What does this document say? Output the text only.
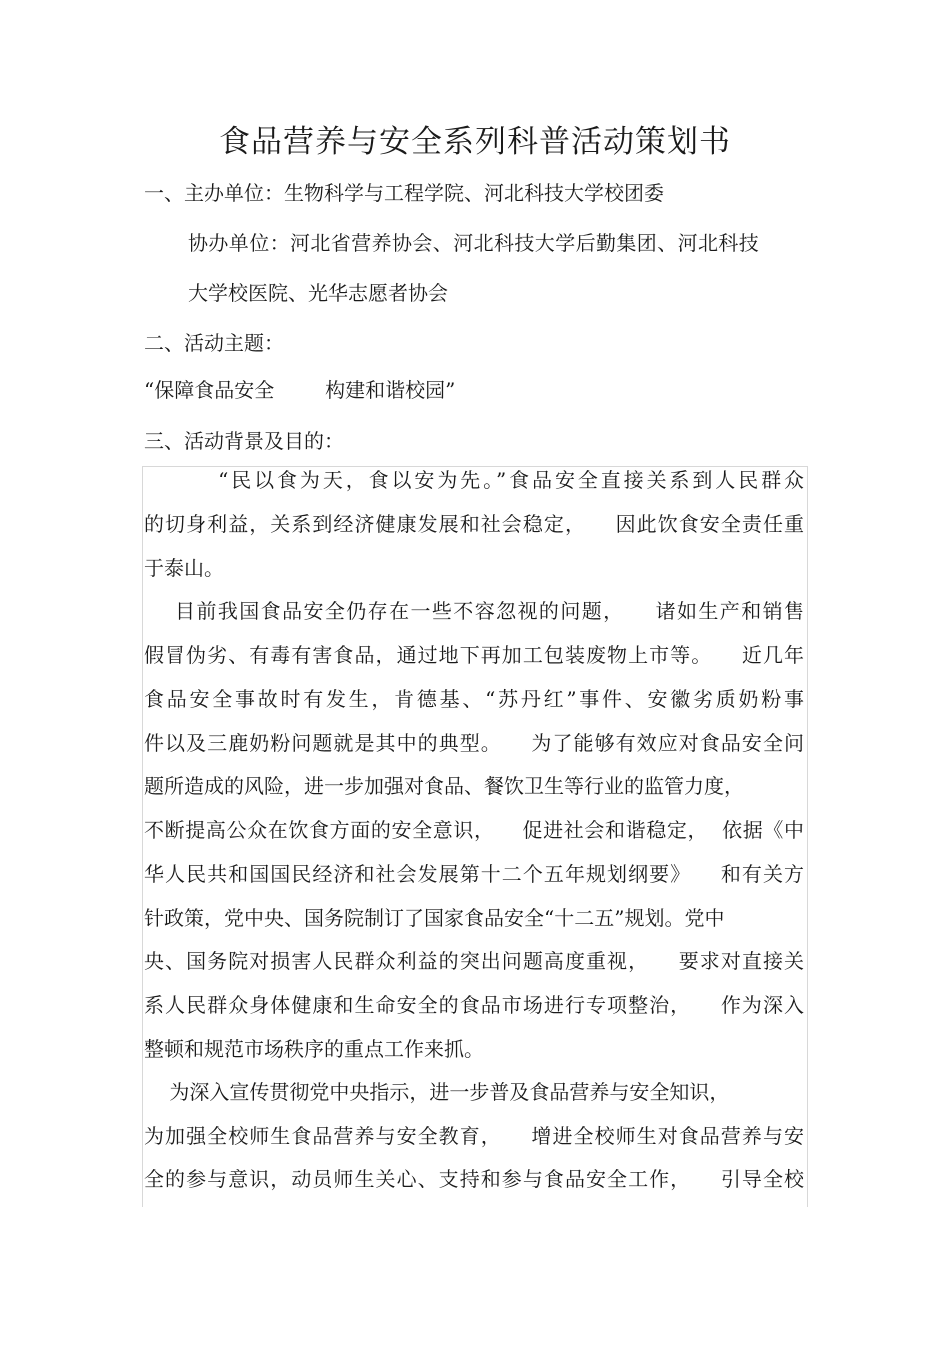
食品营养与安全系列科普活动策划书

一、主办单位：生物科学与工程学院、河北科技大学校团委

协办单位：河北省营养协会、河北科技大学后勤集团、河北科技

大学校医院、光华志愿者协会

二、活动主题：

“保障食品安全        构建和谐校园”

三、活动背景及目的：

“民以食为天，食以安为先。”食品安全直接关系到人民群众

的切身利益，关系到经济健康发展和社会稳定，    因此饮食安全责任重

于泰山。

目前我国食品安全仍存在一些不容忽视的问题，    诸如生产和销售

假冒伪劣、有毒有害食品，通过地下再加工包装废物上市等。    近几年

食品安全事故时有发生，肯德基、“苏丹红”事件、安徽劣质奶粉事

件以及三鹿奶粉问题就是其中的典型。    为了能够有效应对食品安全问

题所造成的风险，进一步加强对食品、餐饮卫生等行业的监管力度，

不断提高公众在饮食方面的安全意识，    促进社会和谐稳定，  依据《中

华人民共和国国民经济和社会发展第十二个五年规划纲要》    和有关方

针政策，党中央、国务院制订了国家食品安全“十二五”规划。党中

央、国务院对损害人民群众利益的突出问题高度重视，    要求对直接关

系人民群众身体健康和生命安全的食品市场进行专项整治，    作为深入

整顿和规范市场秩序的重点工作来抓。

为深入宣传贯彻党中央指示，进一步普及食品营养与安全知识，

为加强全校师生食品营养与安全教育，    增进全校师生对食品营养与安

全的参与意识，动员师生关心、支持和参与食品安全工作，    引导全校
